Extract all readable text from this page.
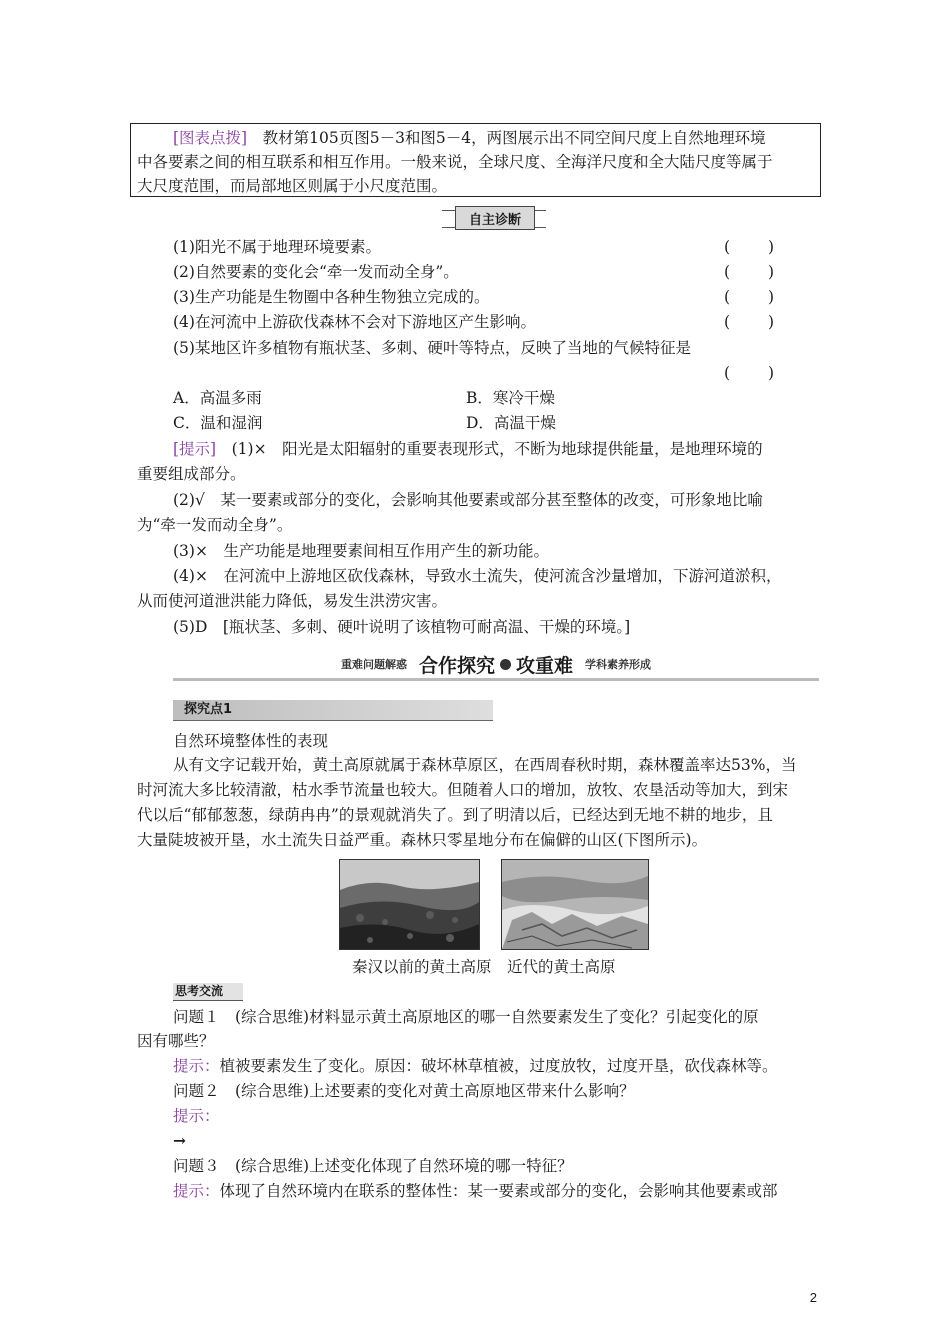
[图表点拨]　 教材第105页图5－3和图5－4，两图展示出不同空间尺度上自然地理环境
中各要素之间的相互联系和相互作用。一般来说，全球尺度、全海洋尺度和全大陆尺度等属于
大尺度范围，而局部地区则属于小尺度范围。
自主诊断
(1)阳光不属于地理环境要素。
(2)自然要素的变化会“牵一发而动全身”。
(3)生产功能是生物圈中各种生物独立完成的。
(4)在河流中上游砍伐森林不会对下游地区产生影响。
(5)某地区许多植物有瓶状茎、多刺、硬叶等特点，反映了当地的气候特征是
( )
( )
( )
( )
( )
A．高温多雨	B．寒冷干燥
C．温和湿润	D．高温干燥
[提示]　 (1)×　阳光是太阳辐射的重要表现形式，不断为地球提供能量，是地理环境的
重要组成部分。
(2)√　某一要素或部分的变化，会影响其他要素或部分甚至整体的改变，可形象地比喻
为“牵一发而动全身”。
(3)×　生产功能是地理要素间相互作用产生的新功能。
(4)×　在河流中上游地区砍伐森林，导致水土流失，使河流含沙量增加，下游河道淤积，
从而使河道泄洪能力降低，易发生洪涝灾害。
(5)D　[瓶状茎、多刺、硬叶说明了该植物可耐高温、干燥的环境。]
重难问题解惑 合作探究 攻重难 学科素养形成
探究点1
自然环境整体性的表现
从有文字记载开始，黄土高原就属于森林草原区，在西周春秋时期，森林覆盖率达53%，当
时河流大多比较清澈，枯水季节流量也较大。但随着人口的增加，放牧、农垦活动等加大，到宋
代以后“郁郁葱葱，绿荫冉冉”的景观就消失了。到了明清以后，已经达到无地不耕的地步，且
大量陡坡被开垦，水土流失日益严重。森林只零星地分布在偏僻的山区(下图所示)。
秦汉以前的黄土高原　近代的黄土高原
思考交流
问题１　(综合思维)材料显示黄土高原地区的哪一自然要素发生了变化？引起变化的原
因有哪些？
提示：植被要素发生了变化。原因：破坏林草植被，过度放牧，过度开垦，砍伐森林等。
问题２　(综合思维)上述要素的变化对黄土高原地区带来什么影响？
提示：
→
问题３　(综合思维)上述变化体现了自然环境的哪一特征？
提示：体现了自然环境内在联系的整体性：某一要素或部分的变化，会影响其他要素或部
2
